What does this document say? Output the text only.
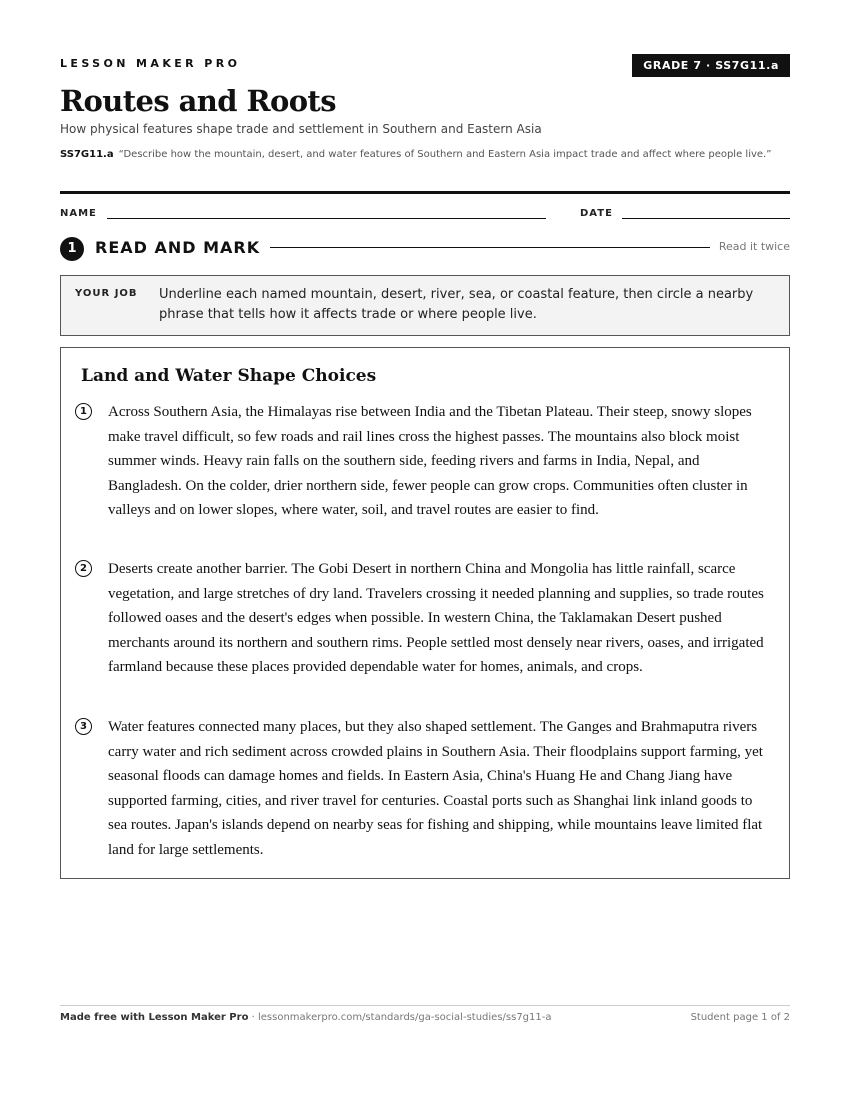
LESSON MAKER PRO	GRADE 7 · SS7G11.a
Routes and Roots
How physical features shape trade and settlement in Southern and Eastern Asia
SS7G11.a “Describe how the mountain, desert, and water features of Southern and Eastern Asia impact trade and affect where people live.”
NAME	DATE
1	READ AND MARK	Read it twice
YOUR JOB Underline each named mountain, desert, river, sea, or coastal feature, then circle a nearby phrase that tells how it affects trade or where people live.
Land and Water Shape Choices
1	Across Southern Asia, the Himalayas rise between India and the Tibetan Plateau. Their steep, snowy slopes make travel difficult, so few roads and rail lines cross the highest passes. The mountains also block moist summer winds. Heavy rain falls on the southern side, feeding rivers and farms in India, Nepal, and Bangladesh. On the colder, drier northern side, fewer people can grow crops. Communities often cluster in valleys and on lower slopes, where water, soil, and travel routes are easier to find.

2	Deserts create another barrier. The Gobi Desert in northern China and Mongolia has little rainfall, scarce vegetation, and large stretches of dry land. Travelers crossing it needed planning and supplies, so trade routes followed oases and the desert's edges when possible. In western China, the Taklamakan Desert pushed merchants around its northern and southern rims. People settled most densely near rivers, oases, and irrigated farmland because these places provided dependable water for homes, animals, and crops.

3	Water features connected many places, but they also shaped settlement. The Ganges and Brahmaputra rivers carry water and rich sediment across crowded plains in Southern Asia. Their floodplains support farming, yet seasonal floods can damage homes and fields. In Eastern Asia, China's Huang He and Chang Jiang have supported farming, cities, and river travel for centuries. Coastal ports such as Shanghai link inland goods to sea routes. Japan's islands depend on nearby seas for fishing and shipping, while mountains leave limited flat land for large settlements.

Made free with Lesson Maker Pro · lessonmakerpro.com/standards/ga-social-studies/ss7g11-a	Student page 1 of 2
